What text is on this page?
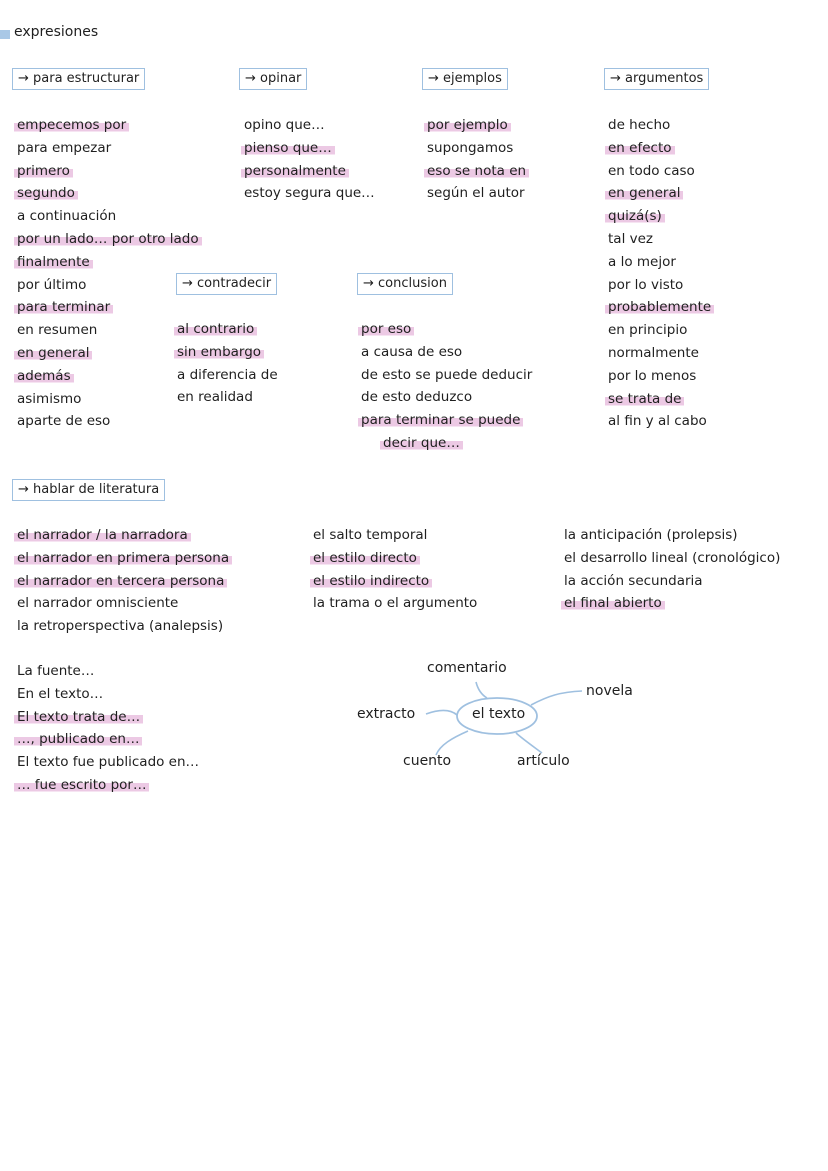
expresiones
→ para estructurar	→ opinar	→ ejemplos	→ argumentos
empecemos por
para empezar
primero
segundo
a continuación
por un lado… por otro lado
finalmente
por último
para terminar
en resumen
en general
además
asimismo
aparte de eso
opino que…
pienso que…
personalmente
estoy segura que…
por ejemplo
supongamos
eso se nota en
según el autor
de hecho
en efecto
en todo caso
en general
quizá(s)
tal vez
a lo mejor
por lo visto
probablemente
en principio
normalmente
por lo menos
se trata de
al fin y al cabo
→ contradecir	→ conclusion
al contrario
sin embargo
a diferencia de
en realidad
por eso
a causa de eso
de esto se puede deducir
de esto deduzco
para terminar se puede
decir que…
→ hablar de literatura
el narrador / la narradora
el narrador en primera persona
el narrador en tercera persona
el narrador omnisciente
la retroperspectiva (analepsis)
el salto temporal
el estilo directo
el estilo indirecto
la trama o el argumento
la anticipación (prolepsis)
el desarrollo lineal (cronológico)
la acción secundaria
el final abierto
La fuente…
En el texto…
El texto trata de…
…, publicado en…
El texto fue publicado en…
… fue escrito por…
el texto
comentario
novela
extracto
cuento	artículo
